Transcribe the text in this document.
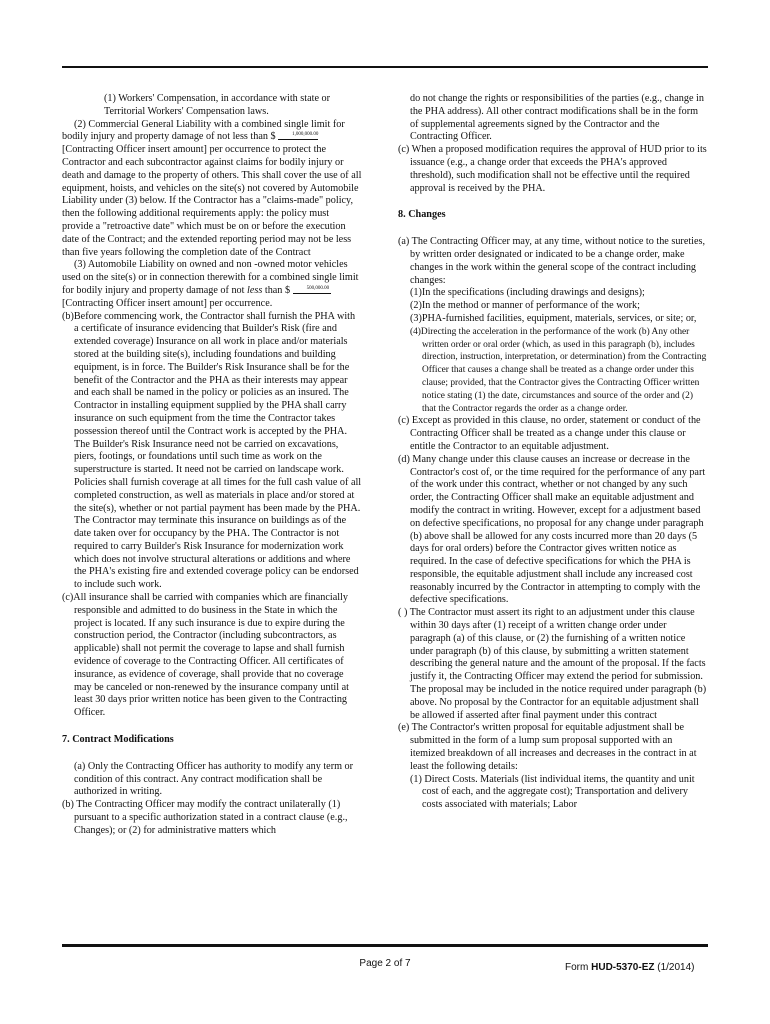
(1) Workers' Compensation, in accordance with state or Territorial Workers' Compensation laws.

(2) Commercial General Liability with a combined single limit for bodily injury and property damage of not less than $	1,000,000.00 [Contracting Officer insert amount] per occurrence to protect the Contractor and each subcontractor against claims for bodily injury or death and damage to the property of others. This shall cover the use of all equipment, hoists, and vehicles on the site(s) not covered by Automobile Liability under (3) below. If the Contractor has a "claims-made" policy, then the following additional requirements apply: the policy must provide a "retroactive date" which must be on or before the execution date of the Contract; and the extended reporting period may not be less than five years following the completion date of the Contract

(3) Automobile Liability on owned and non -owned motor vehicles used on the site(s) or in connection therewith for a combined single limit for bodily injury and property damage of not less than $	500,000.00 [Contracting Officer insert amount] per occurrence.

(b)Before commencing work, the Contractor shall furnish the PHA with a certificate of insurance evidencing that Builder's Risk (fire and extended coverage) Insurance on all work in place and/or materials stored at the building site(s), including foundations and building equipment, is in force. The Builder's Risk Insurance shall be for the benefit of the Contractor and the PHA as their interests may appear and each shall be named in the policy or policies as an insured. The Contractor in installing equipment supplied by the PHA shall carry insurance on such equipment from the time the Contractor takes possession thereof until the Contract work is accepted by the PHA. The Builder's Risk Insurance need not be carried on excavations, piers, footings, or foundations until such time as work on the superstructure is started. It need not be carried on landscape work. Policies shall furnish coverage at all times for the full cash value of all completed construction, as well as materials in place and/or stored at the site(s), whether or not partial payment has been made by the PHA. The Contractor may terminate this insurance on buildings as of the date taken over for occupancy by the PHA. The Contractor is not required to carry Builder's Risk Insurance for modernization work which does not involve structural alterations or additions and where the PHA's existing fire and extended coverage policy can be endorsed to include such work.

(c)All insurance shall be carried with companies which are financially responsible and admitted to do business in the State in which the project is located. If any such insurance is due to expire during the construction period, the Contractor (including subcontractors, as applicable) shall not permit the coverage to lapse and shall furnish evidence of coverage to the Contracting Officer. All certificates of insurance, as evidence of coverage, shall provide that no coverage may be canceled or non-renewed by the insurance company until at least 30 days prior written notice has been given to the Contracting Officer.

7. Contract Modifications

(a) Only the Contracting Officer has authority to modify any term or condition of this contract. Any contract modification shall be authorized in writing.

(b) The Contracting Officer may modify the contract unilaterally (1) pursuant to a specific authorization stated in a contract clause (e.g., Changes); or (2) for administrative matters which

do not change the rights or responsibilities of the parties (e.g., change in the PHA address). All other contract modifications shall be in the form of supplemental agreements signed by the Contractor and the Contracting Officer.

(c) When a proposed modification requires the approval of HUD prior to its issuance (e.g., a change order that exceeds the PHA's approved threshold), such modification shall not be effective until the required approval is received by the PHA.

8. Changes

(a) The Contracting Officer may, at any time, without notice to the sureties, by written order designated or indicated to be a change order, make changes in the work within the general scope of the contract including changes:

(1)In the specifications (including drawings and designs);

(2)In the method or manner of performance of the work;

(3)PHA-furnished facilities, equipment, materials, services, or site; or,

(4)Directing the acceleration in the performance of the work (b) Any other written order or oral order (which, as used in this paragraph (b), includes direction, instruction, interpretation, or determination) from the Contracting Officer that causes a change shall be treated as a change order under this clause; provided, that the Contractor gives the Contracting Officer written notice stating (1) the date, circumstances and source of the order and (2) that the Contractor regards the order as a change order.

(c) Except as provided in this clause, no order, statement or conduct of the Contracting Officer shall be treated as a change under this clause or entitle the Contractor to an equitable adjustment.

(d) Many change under this clause causes an increase or decrease in the Contractor's cost of, or the time required for the performance of any part of the work under this contract, whether or not changed by any such order, the Contracting Officer shall make an equitable adjustment and modify the contract in writing. However, except for a adjustment based on defective specifications, no proposal for any change under paragraph (b) above shall be allowed for any costs incurred more than 20 days (5 days for oral orders) before the Contractor gives written notice as required. In the case of defective specifications for which the PHA is responsible, the equitable adjustment shall include any increased cost reasonably incurred by the Contractor in attempting to comply with the defective specifications.

( ) The Contractor must assert its right to an adjustment under this clause within 30 days after (1) receipt of a written change order under paragraph (a) of this clause, or (2) the furnishing of a written notice under paragraph (b) of this clause, by submitting a written statement describing the general nature and the amount of the proposal. If the facts justify it, the Contracting Officer may extend the period for submission. The proposal may be included in the notice required under paragraph (b) above. No proposal by the Contractor for an equitable adjustment shall be allowed if asserted after final payment under this contract

(e) The Contractor's written proposal for equitable adjustment shall be submitted in the form of a lump sum proposal supported with an itemized breakdown of all increases and decreases in the contract in at least the following details:

(1) Direct Costs. Materials (list individual items, the quantity and unit cost of each, and the aggregate cost); Transportation and delivery costs associated with materials; Labor

Page 2 of 7	Form HUD-5370-EZ (1/2014)
